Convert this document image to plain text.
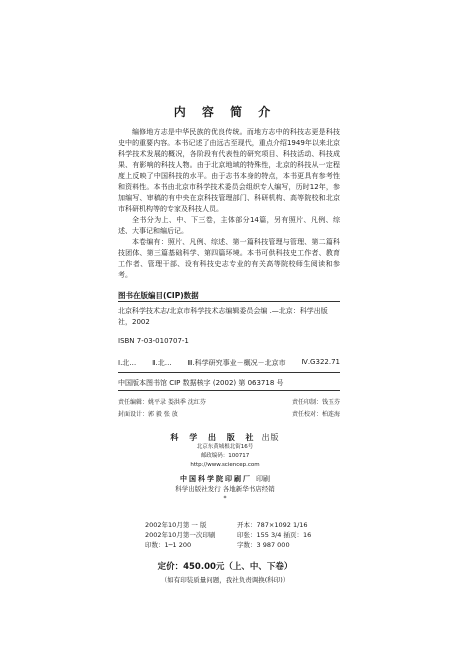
内 容 简 介

编修地方志是中华民族的优良传统。而地方志中的科技志更是科技史中的重要内容。本书记述了由远古至现代，重点介绍1949年以来北京科学技术发展的概况，各阶段有代表性的研究项目、科技活动、科技成果、有影响的科技人物。由于北京地域的特殊性，北京的科技从一定程度上反映了中国科技的水平。由于志书本身的特点，本书更具有参考性和资料性。本书由北京市科学技术委员会组织专人编写，历时12年，参加编写、审稿的有中央在京科技管理部门、科研机构、高等院校和北京市科研机构等的专家及科技人员。

全书分为上、中、下三卷，主体部分14篇，另有照片、凡例、综述、大事记和编后记。

本卷编有：照片、凡例、综述、第一篇科技管理与管理、第二篇科技团体、第三篇基础科学、第四篇环境。本书可供科技史工作者、教育工作者、管理干部、设有科技史志专业的有关高等院校师生阅读和参考。

图书在版编目(CIP)数据

北京科学技术志/北京市科学技术志编辑委员会编 .—北京：科学出版社，2002

ISBN 7-03-010707-1
Ⅰ.北… Ⅱ.北… Ⅲ.科学研究事业－概况－北京市 Ⅳ.G322.71
中国版本图书馆 CIP 数据核字 (2002) 第 063718 号
责任编辑：姚平录 娄洪季 沈红芬	责任印制：钱玉芬
封面设计：郭 毅 张 放	责任校对：柏连海
科 学 出 版 社 出版
北京东黄城根北街16号
邮政编码：100717
http://www.sciencep.com
中国科学院印刷厂 印刷
科学出版社发行 各地新华书店经销
*
2002年10月第 一 版	开本：787×1092 1/16
2002年10月第一次印刷	印张：155 3/4 插页：16
印数：1─1 200	字数：3 987 000
定价：450.00元（上、中、下卷）
（如有印装质量问题，我社负责调换(科印)）
